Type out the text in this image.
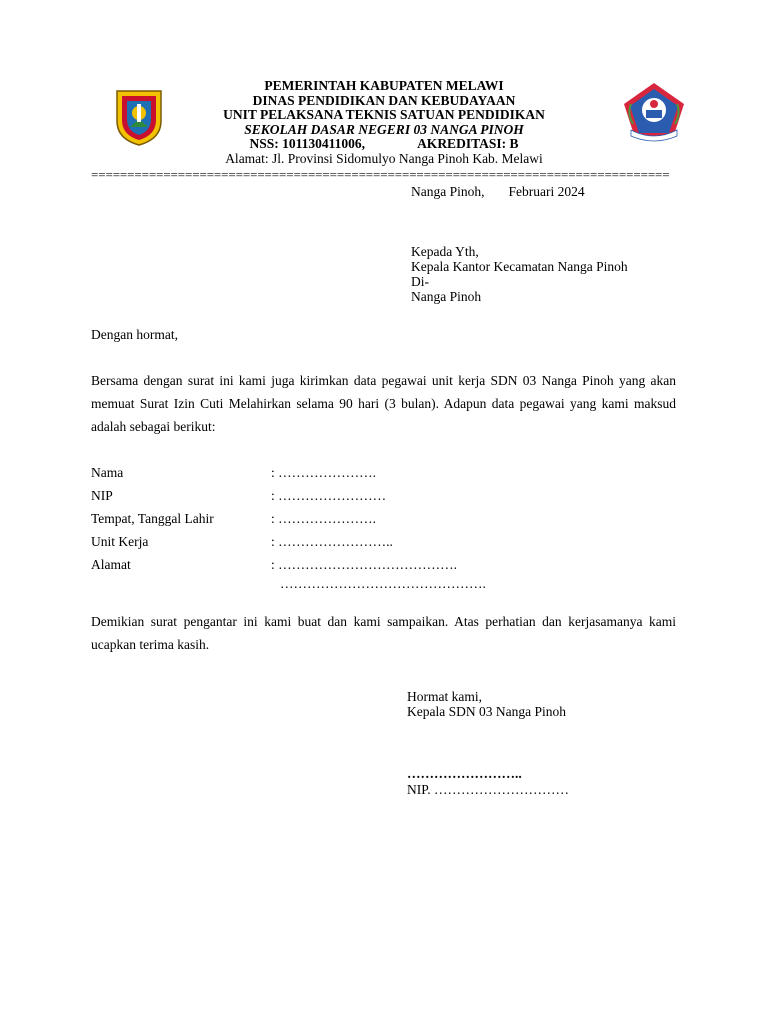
PEMERINTAH KABUPATEN MELAWI
DINAS PENDIDIKAN DAN KEBUDAYAAN
UNIT PELAKSANA TEKNIS SATUAN PENDIDIKAN
SEKOLAH DASAR NEGERI 03 NANGA PINOH
NSS: 101130411006,	AKREDITASI: B
Alamat: Jl. Provinsi Sidomulyo Nanga Pinoh Kab. Melawi
================================================================================
Nanga Pinoh, Februari 2024
Kepada Yth,
Kepala Kantor Kecamatan Nanga Pinoh
Di-
Nanga Pinoh
Dengan hormat,
Bersama dengan surat ini kami juga kirimkan data pegawai unit kerja SDN 03 Nanga Pinoh yang akan memuat Surat Izin Cuti Melahirkan selama 90 hari (3 bulan). Adapun data pegawai yang kami maksud adalah sebagai berikut:
Nama	: ………………….
NIP	: ……………………
Tempat, Tanggal Lahir	: ………………….
Unit Kerja	: ……………………..
Alamat	: ………………………………….
……………………………………….
Demikian surat pengantar ini kami buat dan kami sampaikan. Atas perhatian dan kerjasamanya kami ucapkan terima kasih.
Hormat kami,
Kepala SDN 03 Nanga Pinoh
……………………..
NIP. …………………………
